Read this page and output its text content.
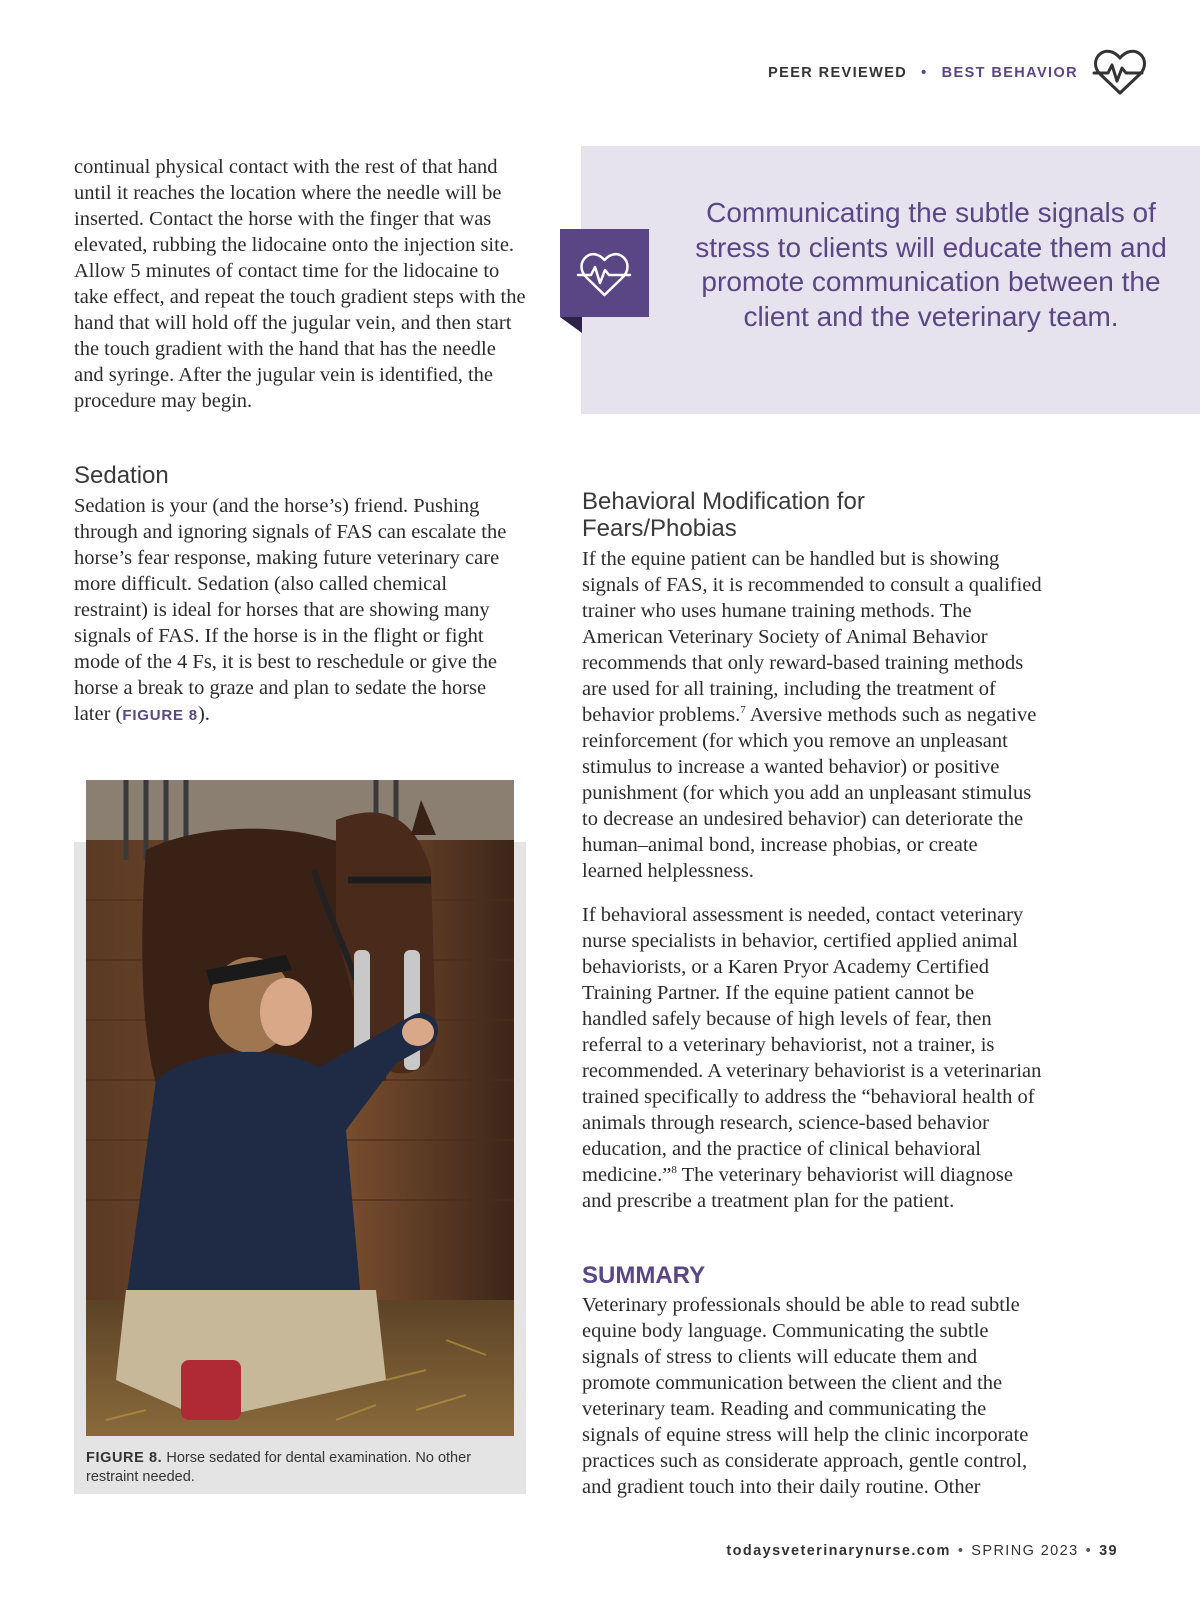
PEER REVIEWED • BEST BEHAVIOR

continual physical contact with the rest of that hand until it reaches the location where the needle will be inserted. Contact the horse with the finger that was elevated, rubbing the lidocaine onto the injection site. Allow 5 minutes of contact time for the lidocaine to take effect, and repeat the touch gradient steps with the hand that will hold off the jugular vein, and then start the touch gradient with the hand that has the needle and syringe. After the jugular vein is identified, the procedure may begin.

Sedation

Sedation is your (and the horse’s) friend. Pushing through and ignoring signals of FAS can escalate the horse’s fear response, making future veterinary care more difficult. Sedation (also called chemical restraint) is ideal for horses that are showing many signals of FAS. If the horse is in the flight or fight mode of the 4 Fs, it is best to reschedule or give the horse a break to graze and plan to sedate the horse later (FIGURE 8).

Communicating the subtle signals of stress to clients will educate them and promote communication between the client and the veterinary team.

Behavioral Modification for Fears/Phobias

If the equine patient can be handled but is showing signals of FAS, it is recommended to consult a qualified trainer who uses humane training methods. The American Veterinary Society of Animal Behavior recommends that only reward-based training methods are used for all training, including the treatment of behavior problems.$^7$ Aversive methods such as negative reinforcement (for which you remove an unpleasant stimulus to increase a wanted behavior) or positive punishment (for which you add an unpleasant stimulus to decrease an undesired behavior) can deteriorate the human–animal bond, increase phobias, or create learned helplessness.

If behavioral assessment is needed, contact veterinary nurse specialists in behavior, certified applied animal behaviorists, or a Karen Pryor Academy Certified Training Partner. If the equine patient cannot be handled safely because of high levels of fear, then referral to a veterinary behaviorist, not a trainer, is recommended. A veterinary behaviorist is a veterinarian trained specifically to address the “behavioral health of animals through research, science-based behavior education, and the practice of clinical behavioral medicine.”$^8$ The veterinary behaviorist will diagnose and prescribe a treatment plan for the patient.

SUMMARY

Veterinary professionals should be able to read subtle equine body language. Communicating the subtle signals of stress to clients will educate them and promote communication between the client and the veterinary team. Reading and communicating the signals of equine stress will help the clinic incorporate practices such as considerate approach, gentle control, and gradient touch into their daily routine. Other

FIGURE 8. Horse sedated for dental examination. No other restraint needed.

todaysveterinarynurse.com • SPRING 2023 • 39
